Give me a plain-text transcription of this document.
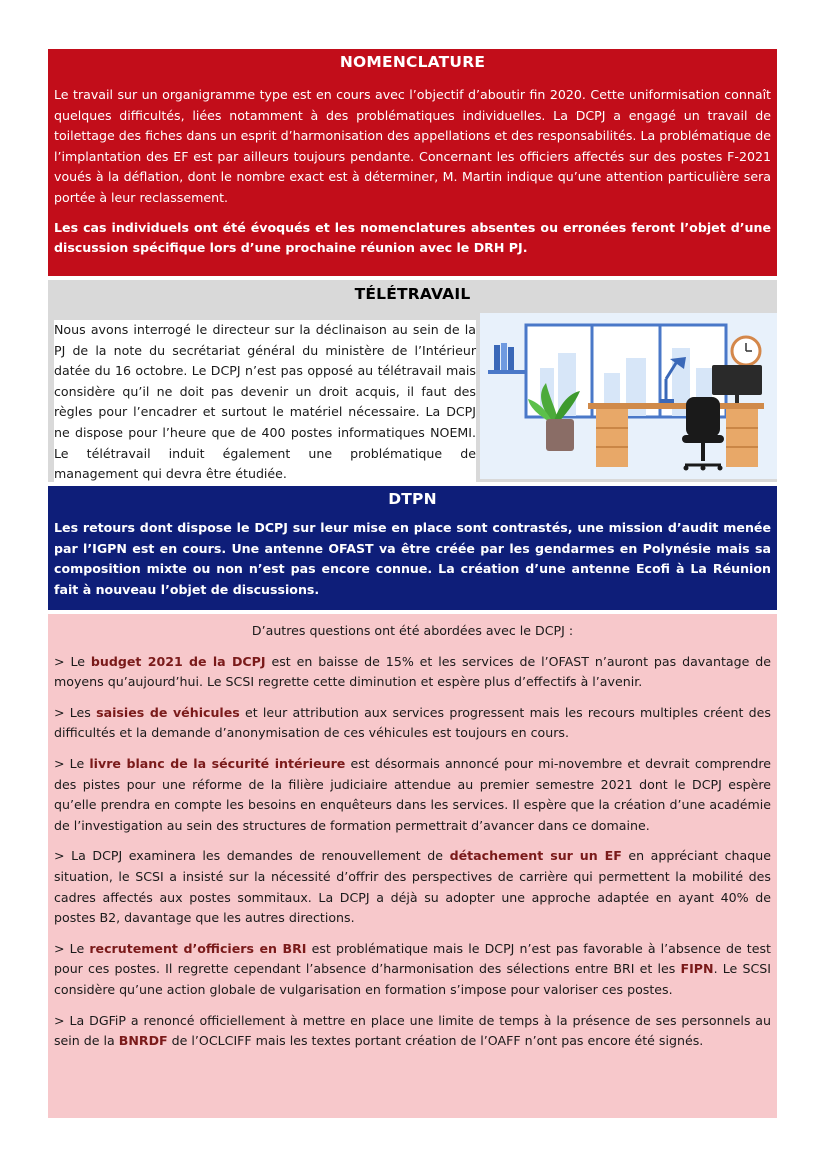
NOMENCLATURE

Le travail sur un organigramme type est en cours avec l’objectif d’aboutir fin 2020. Cette uniformisation connaît quelques difficultés, liées notamment à des problématiques individuelles. La DCPJ a engagé un travail de toilettage des fiches dans un esprit d’harmonisation des appellations et des responsabilités. La problématique de l’implantation des EF est par ailleurs toujours pendante. Concernant les officiers affectés sur des postes F-2021 voués à la déflation, dont le nombre exact est à déterminer, M. Martin indique qu’une attention particulière sera portée à leur reclassement.

Les cas individuels ont été évoqués et les nomenclatures absentes ou erronées feront l’objet d’une discussion spécifique lors d’une prochaine réunion avec le DRH PJ.

TÉLÉTRAVAIL

Nous avons interrogé le directeur sur la déclinaison au sein de la PJ de la note du secrétariat général du ministère de l’Intérieur datée du 16 octobre. Le DCPJ n’est pas opposé au télétravail mais considère qu’il ne doit pas devenir un droit acquis, il faut des règles pour l’encadrer et surtout le matériel nécessaire. La DCPJ ne dispose pour l’heure que de 400 postes informatiques NOEMI. Le télétravail induit également une problématique de management qui devra être étudiée.

DTPN

Les retours dont dispose le DCPJ sur leur mise en place sont contrastés, une mission d’audit menée par l’IGPN est en cours. Une antenne OFAST va être créée par les gendarmes en Polynésie mais sa composition mixte ou non n’est pas encore connue. La création d’une antenne Ecofi à La Réunion fait à nouveau l’objet de discussions.

D’autres questions ont été abordées avec le DCPJ :

> Le budget 2021 de la DCPJ est en baisse de 15% et les services de l’OFAST n’auront pas davantage de moyens qu’aujourd’hui. Le SCSI regrette cette diminution et espère plus d’effectifs à l’avenir.

> Les saisies de véhicules et leur attribution aux services progressent mais les recours multiples créent des difficultés et la demande d’anonymisation de ces véhicules est toujours en cours.

> Le livre blanc de la sécurité intérieure est désormais annoncé pour mi-novembre et devrait comprendre des pistes pour une réforme de la filière judiciaire attendue au premier semestre 2021 dont le DCPJ espère qu’elle prendra en compte les besoins en enquêteurs dans les services. Il espère que la création d’une académie de l’investigation au sein des structures de formation permettrait d’avancer dans ce domaine.

> La DCPJ examinera les demandes de renouvellement de détachement sur un EF en appréciant chaque situation, le SCSI a insisté sur la nécessité d’offrir des perspectives de carrière qui permettent la mobilité des cadres affectés aux postes sommitaux. La DCPJ a déjà su adopter une approche adaptée en ayant 40% de postes B2, davantage que les autres directions.

> Le recrutement d’officiers en BRI est problématique mais le DCPJ n’est pas favorable à l’absence de test pour ces postes. Il regrette cependant l’absence d’harmonisation des sélections entre BRI et les FIPN. Le SCSI considère qu’une action globale de vulgarisation en formation s’impose pour valoriser ces postes.

> La DGFiP a renoncé officiellement à mettre en place une limite de temps à la présence de ses personnels au sein de la BNRDF de l’OCLCIFF mais les textes portant création de l’OAFF n’ont pas encore été signés.
